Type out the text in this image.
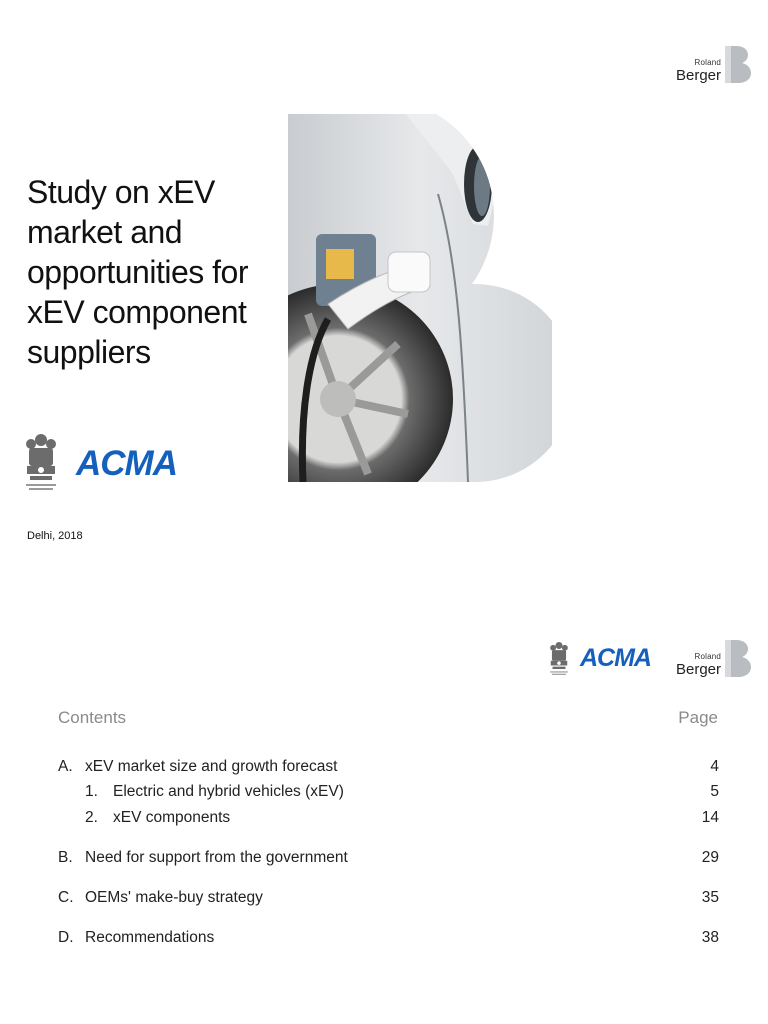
Roland
Berger
Study on xEV market and opportunities for xEV component suppliers
ACMA
Delhi, 2018
ACMA	Roland
Berger
Contents	Page
A. xEV market size and growth forecast	4
1. Electric and hybrid vehicles (xEV)	5
2. xEV components	14
B. Need for support from the government	29
C. OEMs' make-buy strategy	35
D. Recommendations	38
